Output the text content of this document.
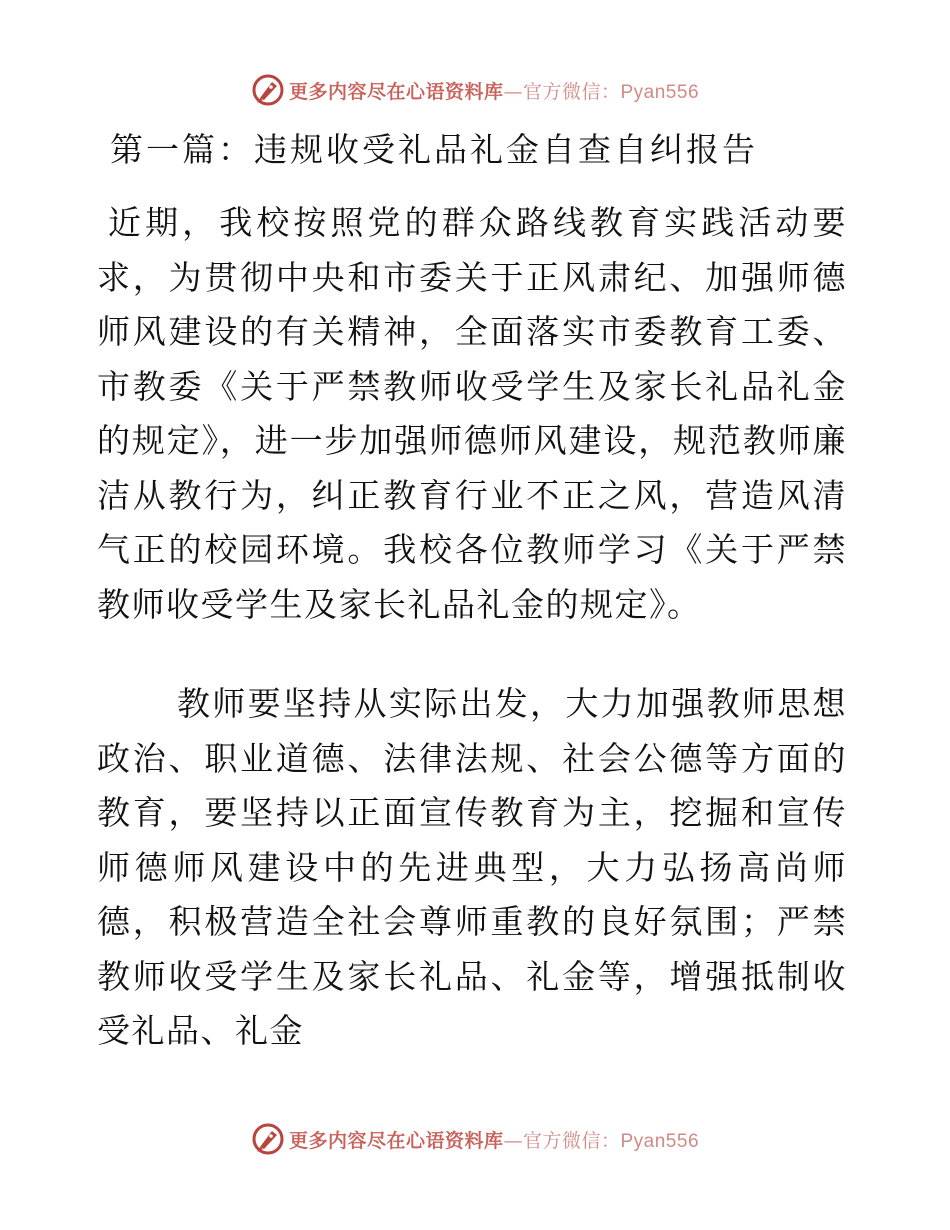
更多内容尽在心语资料库—官方微信：Pyan556
第一篇：违规收受礼品礼金自查自纠报告

近期，我校按照党的群众路线教育实践活动要求，为贯彻中央和市委关于正风肃纪、加强师德师风建设的有关精神，全面落实市委教育工委、市教委《关于严禁教师收受学生及家长礼品礼金的规定》，进一步加强师德师风建设，规范教师廉洁从教行为，纠正教育行业不正之风，营造风清气正的校园环境。我校各位教师学习《关于严禁教师收受学生及家长礼品礼金的规定》。

教师要坚持从实际出发，大力加强教师思想政治、职业道德、法律法规、社会公德等方面的教育，要坚持以正面宣传教育为主，挖掘和宣传师德师风建设中的先进典型，大力弘扬高尚师德，积极营造全社会尊师重教的良好氛围；严禁教师收受学生及家长礼品、礼金等，增强抵制收受礼品、礼金

更多内容尽在心语资料库—官方微信：Pyan556
